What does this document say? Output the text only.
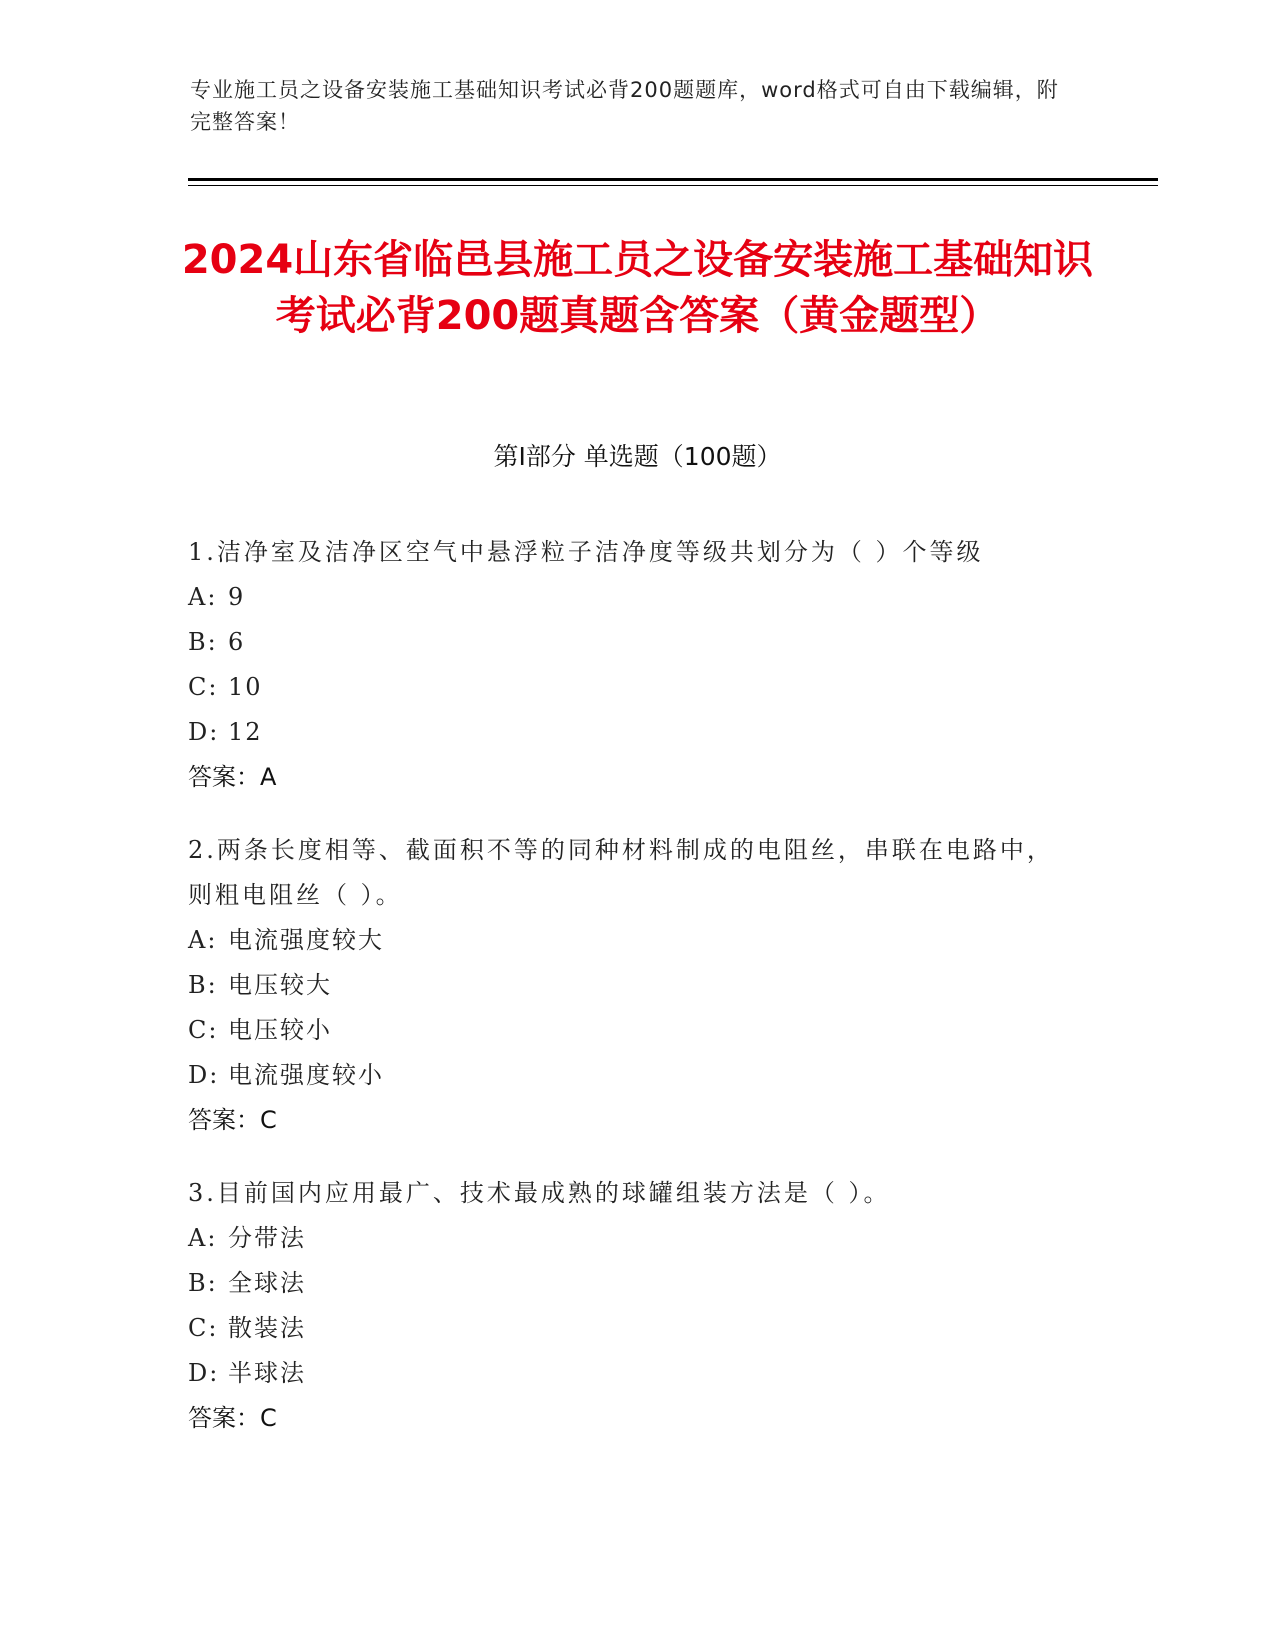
专业施工员之设备安装施工基础知识考试必背200题题库，word格式可自由下载编辑，附完整答案！
2024山东省临邑县施工员之设备安装施工基础知识考试必背200题真题含答案（黄金题型）
第Ⅰ部分 单选题（100题）
1.洁净室及洁净区空气中悬浮粒子洁净度等级共划分为（ ）个等级
A: 9
B: 6
C: 10
D: 12
答案：A
2.两条长度相等、截面积不等的同种材料制成的电阻丝，串联在电路中，则粗电阻丝（ ）。
A: 电流强度较大
B: 电压较大
C: 电压较小
D: 电流强度较小
答案：C
3.目前国内应用最广、技术最成熟的球罐组装方法是（ ）。
A: 分带法
B: 全球法
C: 散装法
D: 半球法
答案：C
